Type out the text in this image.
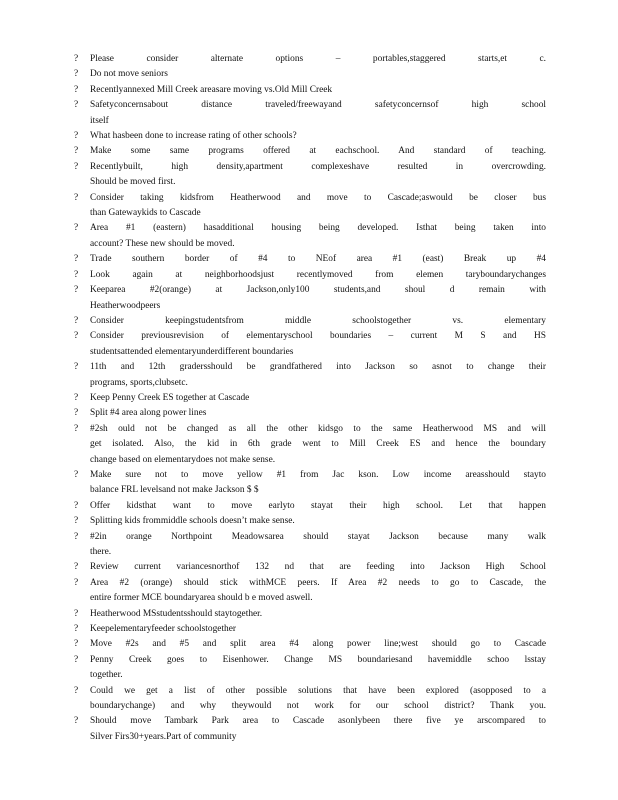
?	Please consider alternate options – portables,staggered starts,et c.
?	Do not move seniors
?	Recentlyannexed Mill Creek areasare moving vs.Old Mill Creek
?	Safetyconcernsabout distance traveled/freewayand safetyconcernsof high school
itself
?	What hasbeen done to increase rating of other schools?
?	Make some same programs offered at eachschool. And standard of teaching.
?	Recentlybuilt, high density,apartment complexeshave resulted in overcrowding.
Should be moved first.
?	Consider taking kidsfrom Heatherwood and move to Cascade;aswould be closer bus
than Gatewaykids to Cascade
?	Area #1 (eastern) hasadditional housing being developed. Isthat being taken into
account? These new should be moved.
?	Trade southern border of #4 to NEof area #1 (east) Break up #4
?	Look again at neighborhoodsjust recentlymoved from elemen taryboundarychanges
?	Keeparea #2(orange) at Jackson,only100 students,and shoul d remain with
Heatherwoodpeers
?	Consider keepingstudentsfrom middle schoolstogether vs. elementary
?	Consider previousrevision of elementaryschool boundaries – current M S and HS
studentsattended elementaryunderdifferent boundaries
?	11th and 12th gradersshould be grandfathered into Jackson so asnot to change their
programs, sports,clubsetc.
?	Keep Penny Creek ES together at Cascade
?	Split #4 area along power lines
?	#2sh ould not be changed as all the other kidsgo to the same Heatherwood MS and will
get isolated. Also, the kid in 6th grade went to Mill Creek ES and hence the boundary
change based on elementarydoes not make sense.
?	Make sure not to move yellow #1 from Jac kson. Low income areasshould stayto
balance FRL levelsand not make Jackson $ $
?	Offer kidsthat want to move earlyto stayat their high school. Let that happen
?	Splitting kids frommiddle schools doesn’t make sense.
?	#2in orange Northpoint Meadowsarea should stayat Jackson because many walk
there.
?	Review current variancesnorthof 132 nd that are feeding into Jackson High School
?	Area #2 (orange) should stick withMCE peers. If Area #2 needs to go to Cascade, the
entire former MCE boundaryarea should b e moved aswell.
?	Heatherwood MSstudentsshould staytogether.
?	Keepelementaryfeeder schoolstogether
?	Move #2s and #5 and split area #4 along power line;west should go to Cascade
?	Penny Creek goes to Eisenhower. Change MS boundariesand havemiddle schoo lsstay
together.
?	Could we get a list of other possible solutions that have been explored (asopposed to a
boundarychange) and why theywould not work for our school district? Thank you.
?	Should move Tambark Park area to Cascade asonlybeen there five ye arscompared to
Silver Firs30+years.Part of community
